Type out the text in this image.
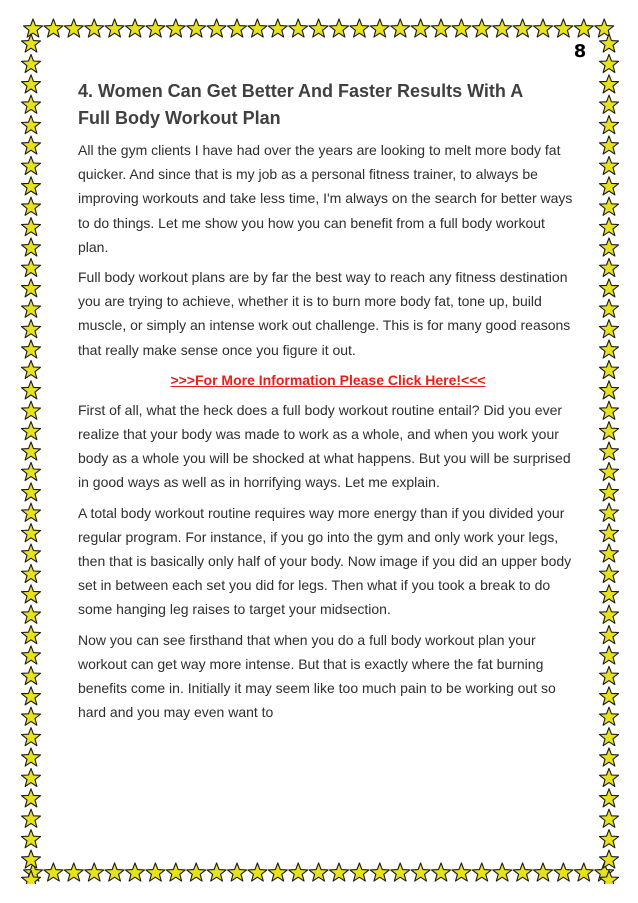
8
4. Women Can Get Better And Faster Results With A
Full Body Workout Plan

All the gym clients I have had over the years are looking to melt more body fat quicker. And since that is my job as a personal fitness trainer, to always be improving workouts and take less time, I'm always on the search for better ways to do things. Let me show you how you can benefit from a full body workout plan.

Full body workout plans are by far the best way to reach any fitness destination you are trying to achieve, whether it is to burn more body fat, tone up, build muscle, or simply an intense work out challenge. This is for many good reasons that really make sense once you figure it out.

>>>For More Information Please Click Here!<<<

First of all, what the heck does a full body workout routine entail? Did you ever realize that your body was made to work as a whole, and when you work your body as a whole you will be shocked at what happens. But you will be surprised in good ways as well as in horrifying ways. Let me explain.

A total body workout routine requires way more energy than if you divided your regular program. For instance, if you go into the gym and only work your legs, then that is basically only half of your body. Now image if you did an upper body set in between each set you did for legs. Then what if you took a break to do some hanging leg raises to target your midsection.

Now you can see firsthand that when you do a full body workout plan your workout can get way more intense. But that is exactly where the fat burning benefits come in. Initially it may seem like too much pain to be working out so hard and you may even want to
